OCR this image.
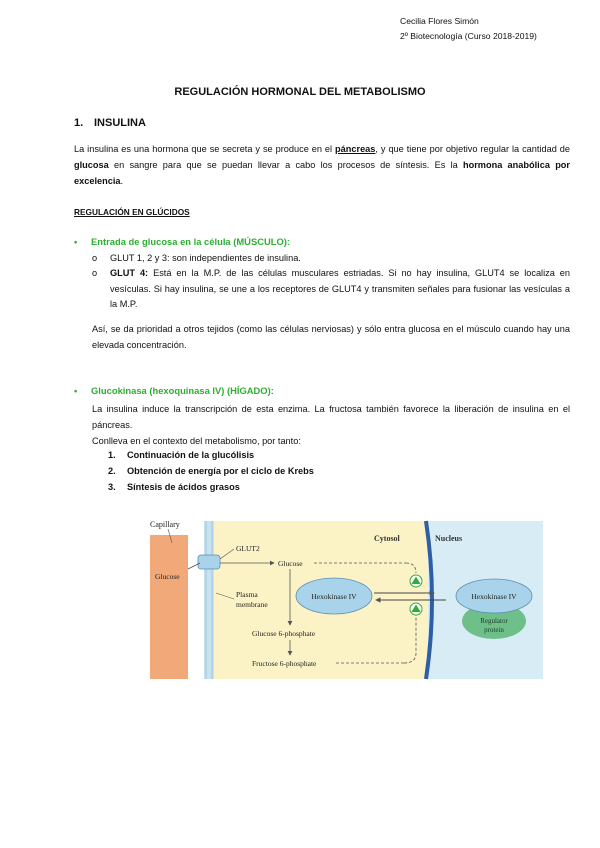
Cecilia Flores Simón
2º Biotecnología (Curso 2018-2019)
REGULACIÓN HORMONAL DEL METABOLISMO
1. INSULINA
La insulina es una hormona que se secreta y se produce en el páncreas, y que tiene por objetivo regular la cantidad de glucosa en sangre para que se puedan llevar a cabo los procesos de síntesis. Es la hormona anabólica por excelencia.
REGULACIÓN EN GLÚCIDOS
• Entrada de glucosa en la célula (MÚSCULO):
o GLUT 1, 2 y 3: son independientes de insulina.
o GLUT 4: Está en la M.P. de las células musculares estriadas. Si no hay insulina, GLUT4 se localiza en vesículas. Si hay insulina, se une a los receptores de GLUT4 y transmiten señales para fusionar las vesículas a la M.P.
Así, se da prioridad a otros tejidos (como las células nerviosas) y sólo entra glucosa en el músculo cuando hay una elevada concentración.
• Glucokinasa (hexoquinasa IV) (HÍGADO):
La insulina induce la transcripción de esta enzima. La fructosa también favorece la liberación de insulina en el páncreas.
Conlleva en el contexto del metabolismo, por tanto:
1. Continuación de la glucólisis
2. Obtención de energía por el ciclo de Krebs
3. Síntesis de ácidos grasos
Capillary
Glucose
GLUT2
Cytosol	Nucleus
Plasma
membrane
Glucose
Glucose 6-phosphate
Fructose 6-phosphate
Hexokinase IV
Regulator
protein
Hexokinase IV
